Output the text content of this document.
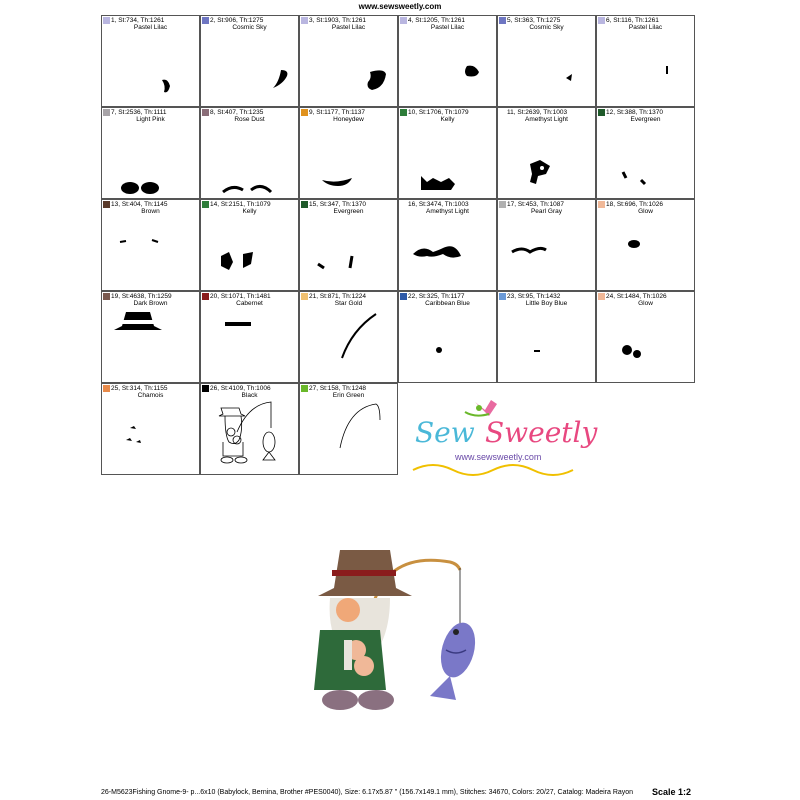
www.sewsweetly.com
1, St:734, Th:1261
Pastel Lilac
2, St:906, Th:1275
Cosmic Sky
3, St:1903, Th:1261
Pastel Lilac
4, St:1205, Th:1261
Pastel Lilac
5, St:363, Th:1275
Cosmic Sky
6, St:116, Th:1261
Pastel Lilac
7, St:2536, Th:1111
Light Pink
8, St:407, Th:1235
Rose Dust
9, St:1177, Th:1137
Honeydew
10, St:1706, Th:1079
Kelly
11, St:2639, Th:1003
Amethyst Light
12, St:388, Th:1370
Evergreen
13, St:404, Th:1145
Brown
14, St:2151, Th:1079
Kelly
15, St:347, Th:1370
Evergreen
16, St:3474, Th:1003
Amethyst Light
17, St:453, Th:1087
Pearl Gray
18, St:696, Th:1026
Glow
19, St:4638, Th:1259
Dark Brown
20, St:1071, Th:1481
Cabernet
21, St:871, Th:1224
Star Gold
22, St:325, Th:1177
Caribbean Blue
23, St:95, Th:1432
Little Boy Blue
24, St:1484, Th:1026
Glow
25, St:314, Th:1155
Chamois
26, St:4109, Th:1006
Black
27, St:158, Th:1248
Erin Green
Sew Sweetly
www.sewsweetly.com
26-M5623Fishing Gnome-9- p...6x10 (Babylock, Bernina, Brother #PES0040), Size: 6.17x5.87 " (156.7x149.1 mm), Stitches: 34670, Colors: 20/27, Catalog: Madeira Rayon Scale 1:2
